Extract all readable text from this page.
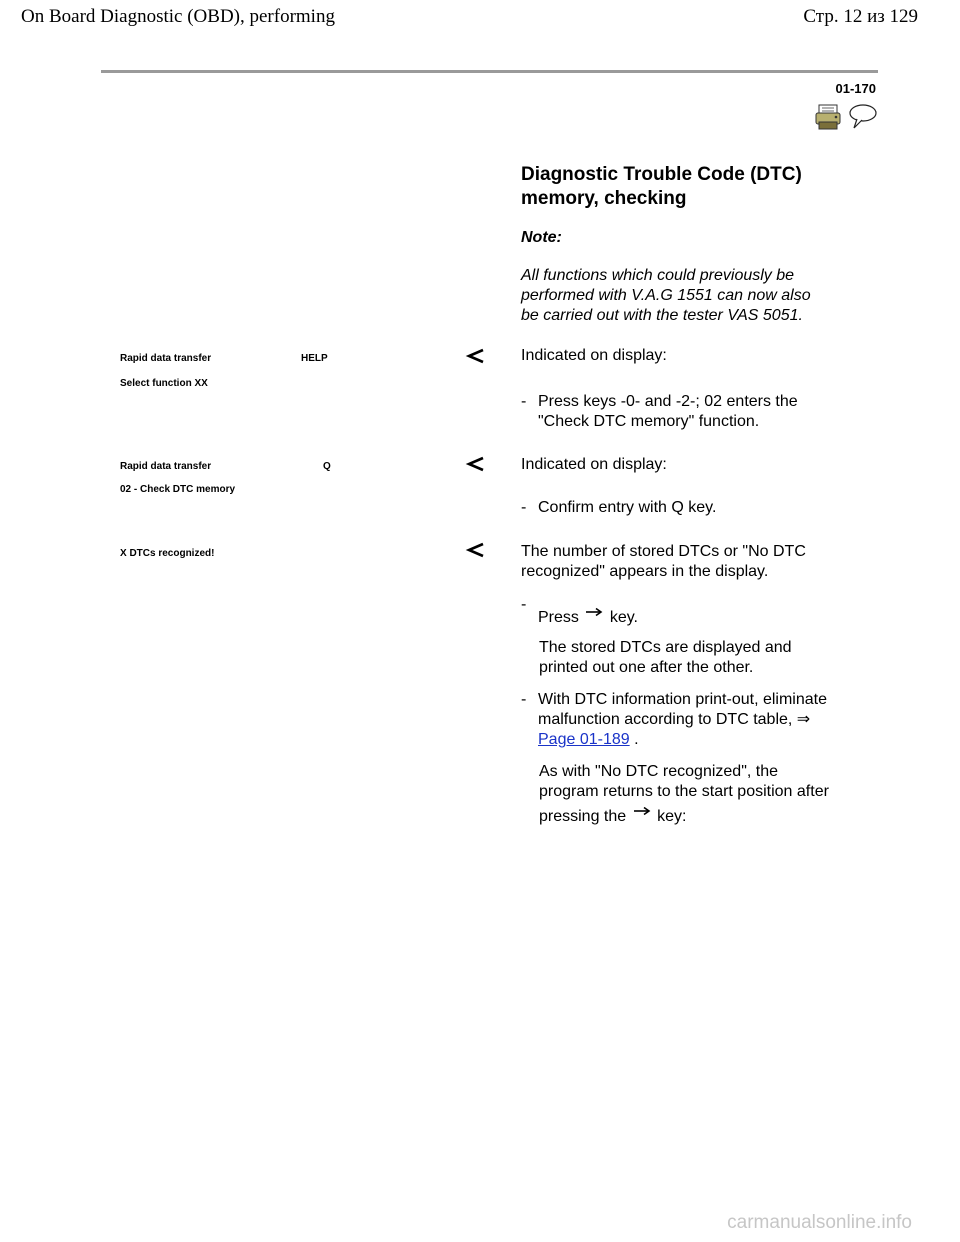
On Board Diagnostic (OBD), performing	Стр. 12 из 129
01-170
Diagnostic Trouble Code (DTC)
memory, checking
Note:
All functions which could previously be
performed with V.A.G 1551 can now also
be carried out with the tester VAS 5051.
Rapid data transfer	HELP
Select function XX
Indicated on display:
- Press keys -0- and -2-; 02 enters the
"Check DTC memory" function.
Rapid data transfer	Q
02 - Check DTC memory
Indicated on display:
- Confirm entry with Q key.
X DTCs recognized!	The number of stored DTCs or "No DTC
recognized" appears in the display.
-
Press key.
The stored DTCs are displayed and
printed out one after the other.
- With DTC information print-out, eliminate
malfunction according to DTC table, ⇒
Page 01-189 .
As with "No DTC recognized", the
program returns to the start position after
pressing the key:
carmanualsonline.info
